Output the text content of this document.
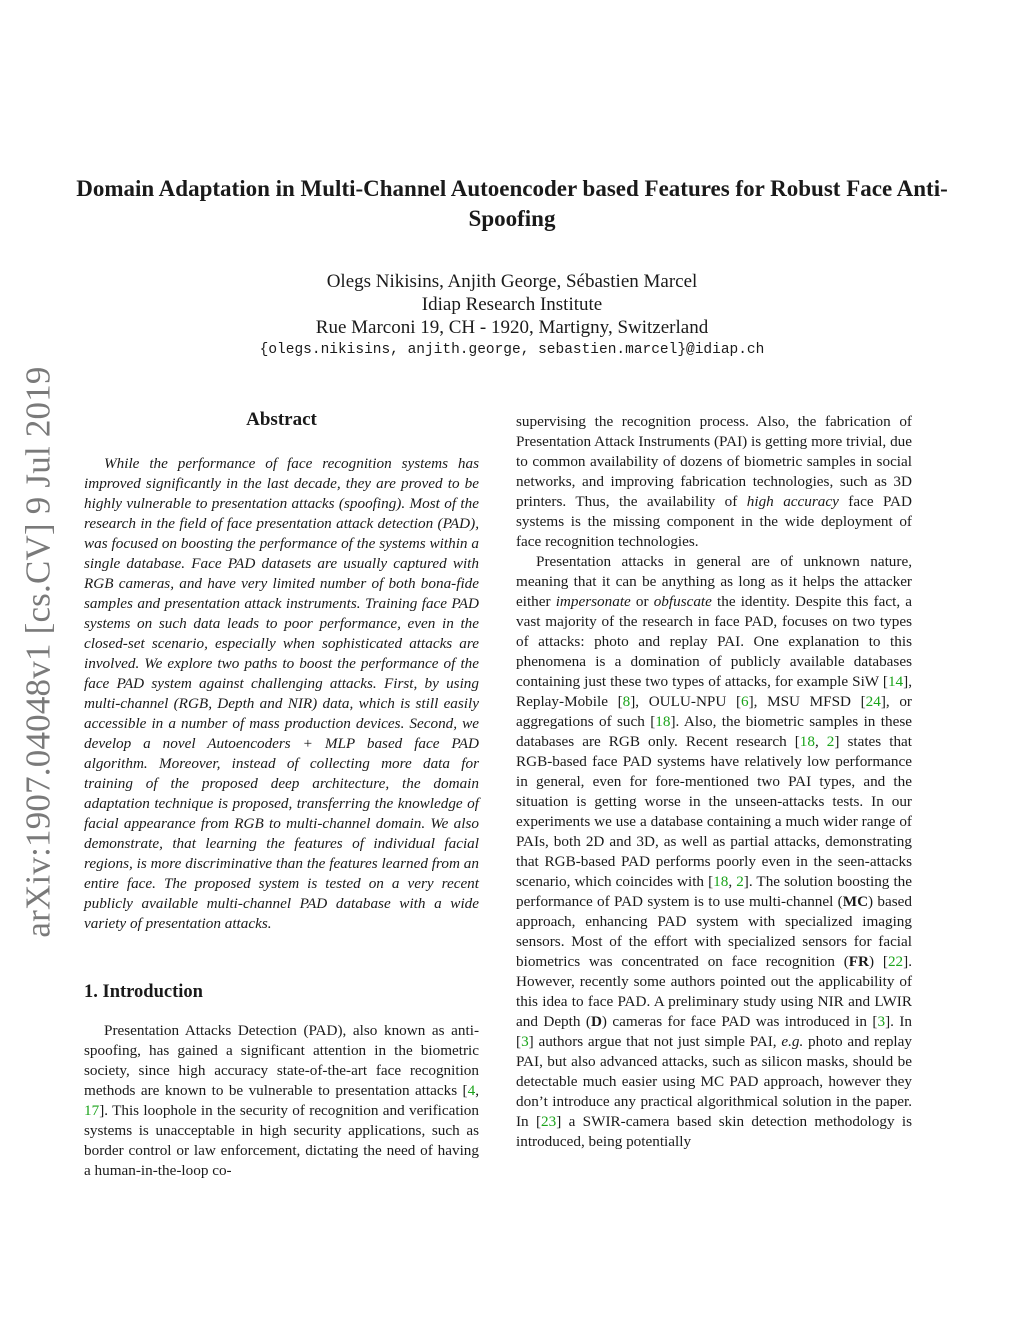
arXiv:1907.04048v1 [cs.CV] 9 Jul 2019
Domain Adaptation in Multi-Channel Autoencoder based Features for Robust Face Anti-Spoofing
Olegs Nikisins, Anjith George, Sébastien Marcel
Idiap Research Institute
Rue Marconi 19, CH - 1920, Martigny, Switzerland
{olegs.nikisins, anjith.george, sebastien.marcel}@idiap.ch
Abstract

While the performance of face recognition systems has improved significantly in the last decade, they are proved to be highly vulnerable to presentation attacks (spoofing). Most of the research in the field of face presentation attack detection (PAD), was focused on boosting the performance of the systems within a single database. Face PAD datasets are usually captured with RGB cameras, and have very limited number of both bona-fide samples and presentation attack instruments. Training face PAD systems on such data leads to poor performance, even in the closed-set scenario, especially when sophisticated attacks are involved. We explore two paths to boost the performance of the face PAD system against challenging attacks. First, by using multi-channel (RGB, Depth and NIR) data, which is still easily accessible in a number of mass production devices. Second, we develop a novel Autoencoders + MLP based face PAD algorithm. Moreover, instead of collecting more data for training of the proposed deep architecture, the domain adaptation technique is proposed, transferring the knowledge of facial appearance from RGB to multi-channel domain. We also demonstrate, that learning the features of individual facial regions, is more discriminative than the features learned from an entire face. The proposed system is tested on a very recent publicly available multi-channel PAD database with a wide variety of presentation attacks.

1. Introduction

Presentation Attacks Detection (PAD), also known as anti-spoofing, has gained a significant attention in the biometric society, since high accuracy state-of-the-art face recognition methods are known to be vulnerable to presentation attacks [4, 17]. This loophole in the security of recognition and verification systems is unacceptable in high security applications, such as border control or law enforcement, dictating the need of having a human-in-the-loop co-

supervising the recognition process. Also, the fabrication of Presentation Attack Instruments (PAI) is getting more trivial, due to common availability of dozens of biometric samples in social networks, and improving fabrication technologies, such as 3D printers. Thus, the availability of high accuracy face PAD systems is the missing component in the wide deployment of face recognition technologies.

Presentation attacks in general are of unknown nature, meaning that it can be anything as long as it helps the attacker either impersonate or obfuscate the identity. Despite this fact, a vast majority of the research in face PAD, focuses on two types of attacks: photo and replay PAI. One explanation to this phenomena is a domination of publicly available databases containing just these two types of attacks, for example SiW [14], Replay-Mobile [8], OULU-NPU [6], MSU MFSD [24], or aggregations of such [18]. Also, the biometric samples in these databases are RGB only. Recent research [18, 2] states that RGB-based face PAD systems have relatively low performance in general, even for fore-mentioned two PAI types, and the situation is getting worse in the unseen-attacks tests. In our experiments we use a database containing a much wider range of PAIs, both 2D and 3D, as well as partial attacks, demonstrating that RGB-based PAD performs poorly even in the seen-attacks scenario, which coincides with [18, 2]. The solution boosting the performance of PAD system is to use multi-channel (MC) based approach, enhancing PAD system with specialized imaging sensors. Most of the effort with specialized sensors for facial biometrics was concentrated on face recognition (FR) [22]. However, recently some authors pointed out the applicability of this idea to face PAD. A preliminary study using NIR and LWIR and Depth (D) cameras for face PAD was introduced in [3]. In [3] authors argue that not just simple PAI, e.g. photo and replay PAI, but also advanced attacks, such as silicon masks, should be detectable much easier using MC PAD approach, however they don’t introduce any practical algorithmical solution in the paper. In [23] a SWIR-camera based skin detection methodology is introduced, being potentially
